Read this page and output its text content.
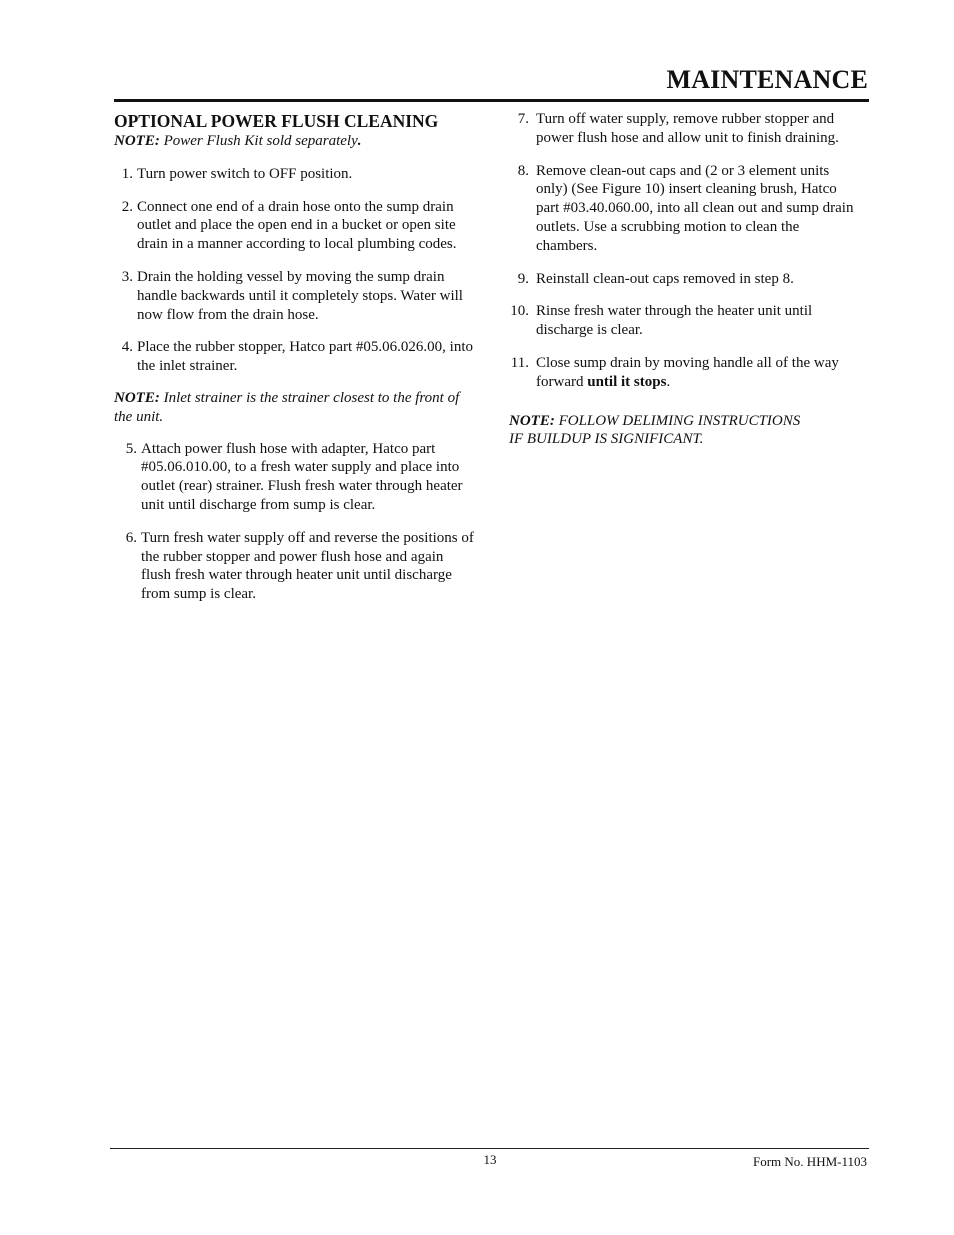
MAINTENANCE
OPTIONAL POWER FLUSH CLEANING

NOTE: Power Flush Kit sold separately.

1. Turn power switch to OFF position.
2. Connect one end of a drain hose onto the sump drain outlet and place the open end in a bucket or open site drain in a manner according to local plumbing codes.
3. Drain the holding vessel by moving the sump drain handle backwards until it completely stops. Water will now flow from the drain hose.
4. Place the rubber stopper, Hatco part #05.06.026.00, into the inlet strainer.

NOTE: Inlet strainer is the strainer closest to the front of the unit.

5. Attach power flush hose with adapter, Hatco part #05.06.010.00, to a fresh water supply and place into outlet (rear) strainer. Flush fresh water through heater unit until discharge from sump is clear.
6. Turn fresh water supply off and reverse the positions of the rubber stopper and power flush hose and again flush fresh water through heater unit until discharge from sump is clear.
7. Turn off water supply, remove rubber stopper and power flush hose and allow unit to finish draining.
8. Remove clean-out caps and (2 or 3 element units only) (See Figure 10) insert cleaning brush, Hatco part #03.40.060.00, into all clean out and sump drain outlets. Use a scrubbing motion to clean the chambers.
9. Reinstall clean-out caps removed in step 8.
10. Rinse fresh water through the heater unit until discharge is clear.
11. Close sump drain by moving handle all of the way forward until it stops.

NOTE: FOLLOW DELIMING INSTRUCTIONS
IF BUILDUP IS SIGNIFICANT.

13	Form No. HHM-1103
